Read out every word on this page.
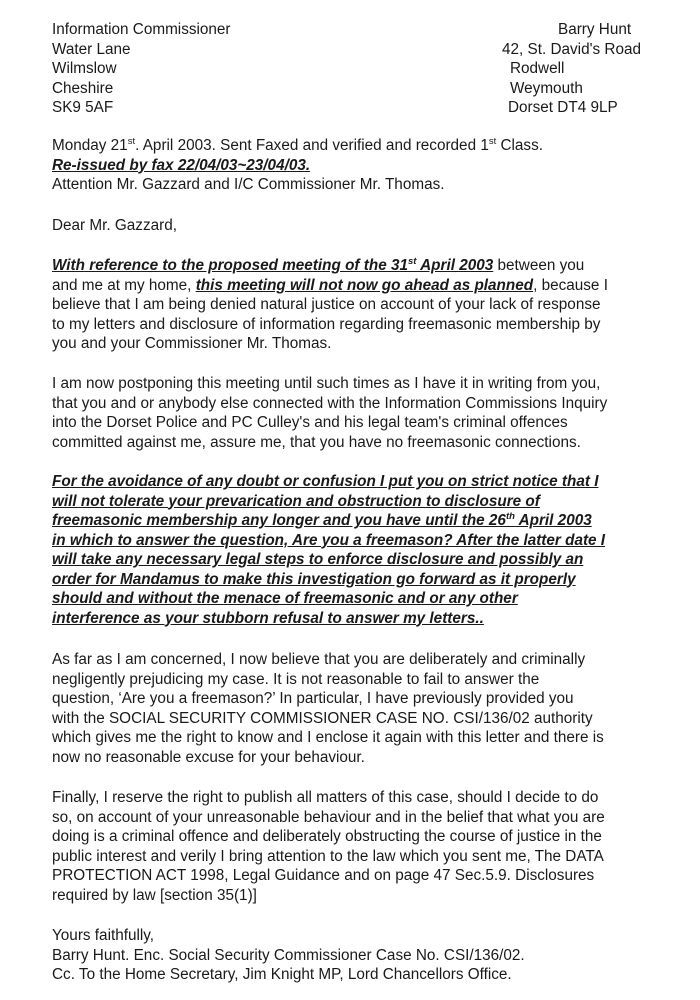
Information Commissioner
Water Lane
Wilmslow
Cheshire
SK9 5AF
Barry Hunt
42, St. David's Road
Rodwell
Weymouth
Dorset DT4 9LP
Monday 21st. April 2003. Sent Faxed and verified and recorded 1st Class.
Re-issued by fax 22/04/03~23/04/03.
Attention Mr. Gazzard and I/C Commissioner Mr. Thomas.
Dear Mr. Gazzard,
With reference to the proposed meeting of the 31st April 2003 between you
and me at my home, this meeting will not now go ahead as planned, because I
believe that I am being denied natural justice on account of your lack of response
to my letters and disclosure of information regarding freemasonic membership by
you and your Commissioner Mr. Thomas.
I am now postponing this meeting until such times as I have it in writing from you,
that you and or anybody else connected with the Information Commissions Inquiry
into the Dorset Police and PC Culley's and his legal team's criminal offences
committed against me, assure me, that you have no freemasonic connections.
For the avoidance of any doubt or confusion I put you on strict notice that I
will not tolerate your prevarication and obstruction to disclosure of
freemasonic membership any longer and you have until the 26th April 2003
in which to answer the question, Are you a freemason? After the latter date I
will take any necessary legal steps to enforce disclosure and possibly an
order for Mandamus to make this investigation go forward as it properly
should and without the menace of freemasonic and or any other
interference as your stubborn refusal to answer my letters..
As far as I am concerned, I now believe that you are deliberately and criminally
negligently prejudicing my case. It is not reasonable to fail to answer the
question, ‘Are you a freemason?’ In particular, I have previously provided you
with the SOCIAL SECURITY COMMISSIONER CASE NO. CSI/136/02 authority
which gives me the right to know and I enclose it again with this letter and there is
now no reasonable excuse for your behaviour.
Finally, I reserve the right to publish all matters of this case, should I decide to do
so, on account of your unreasonable behaviour and in the belief that what you are
doing is a criminal offence and deliberately obstructing the course of justice in the
public interest and verily I bring attention to the law which you sent me, The DATA
PROTECTION ACT 1998, Legal Guidance and on page 47 Sec.5.9. Disclosures
required by law [section 35(1)]
Yours faithfully,
Barry Hunt. Enc. Social Security Commissioner Case No. CSI/136/02.
Cc. To the Home Secretary, Jim Knight MP, Lord Chancellors Office.
